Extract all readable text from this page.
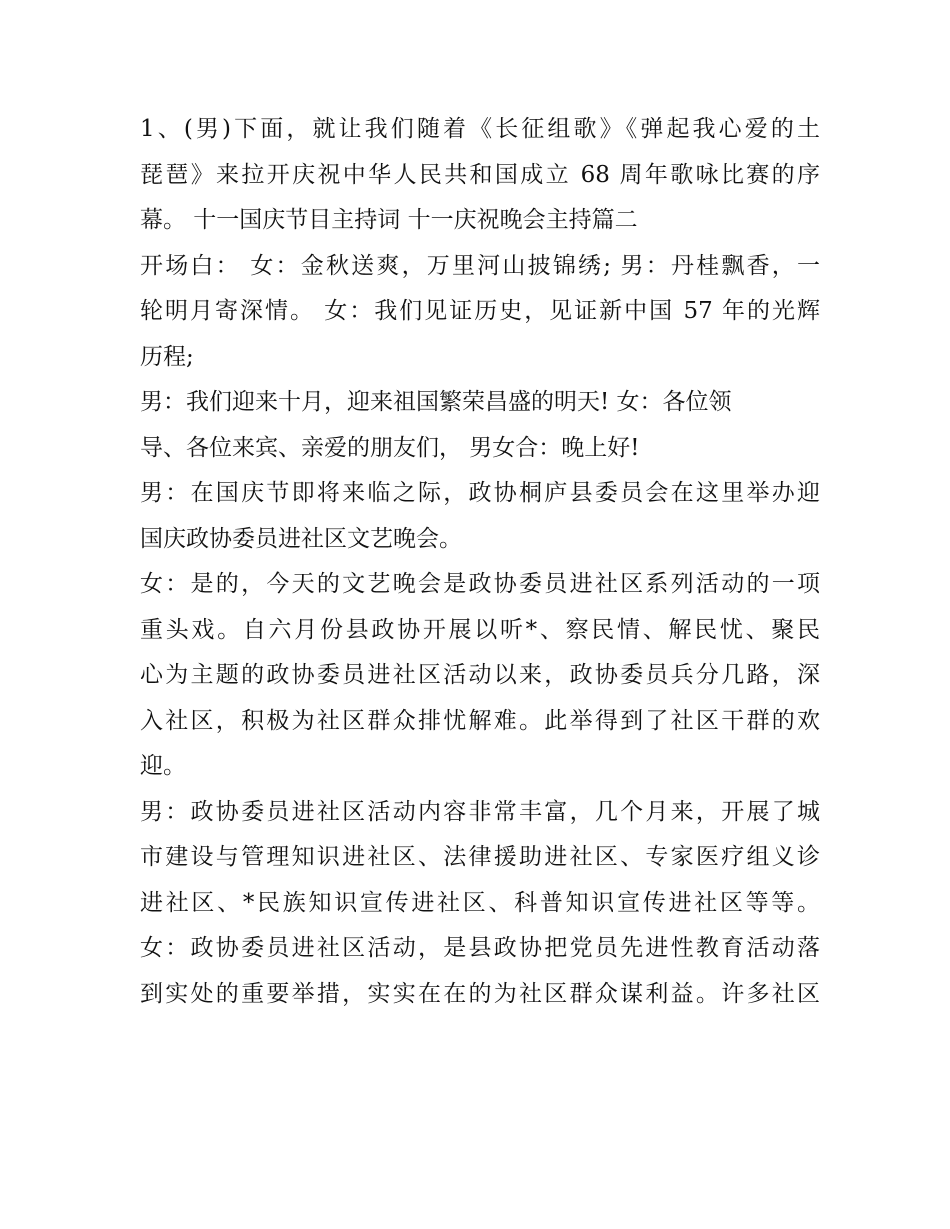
1、(男)下面，就让我们随着《长征组歌》《弹起我心爱的土
琵琶》来拉开庆祝中华人民共和国成立 68 周年歌咏比赛的序
幕。 十一国庆节目主持词 十一庆祝晚会主持篇二
开场白： 女：金秋送爽，万里河山披锦绣; 男：丹桂飘香，一
轮明月寄深情。 女：我们见证历史，见证新中国 57 年的光辉
历程;
男：我们迎来十月，迎来祖国繁荣昌盛的明天! 女：各位领
导、各位来宾、亲爱的朋友们， 男女合：晚上好!
男：在国庆节即将来临之际，政协桐庐县委员会在这里举办迎
国庆政协委员进社区文艺晚会。
女：是的，今天的文艺晚会是政协委员进社区系列活动的一项
重头戏。自六月份县政协开展以听*、察民情、解民忧、聚民
心为主题的政协委员进社区活动以来，政协委员兵分几路，深
入社区，积极为社区群众排忧解难。此举得到了社区干群的欢
迎。
男：政协委员进社区活动内容非常丰富，几个月来，开展了城
市建设与管理知识进社区、法律援助进社区、专家医疗组义诊
进社区、*民族知识宣传进社区、科普知识宣传进社区等等。
女：政协委员进社区活动，是县政协把党员先进性教育活动落
到实处的重要举措，实实在在的为社区群众谋利益。许多社区
